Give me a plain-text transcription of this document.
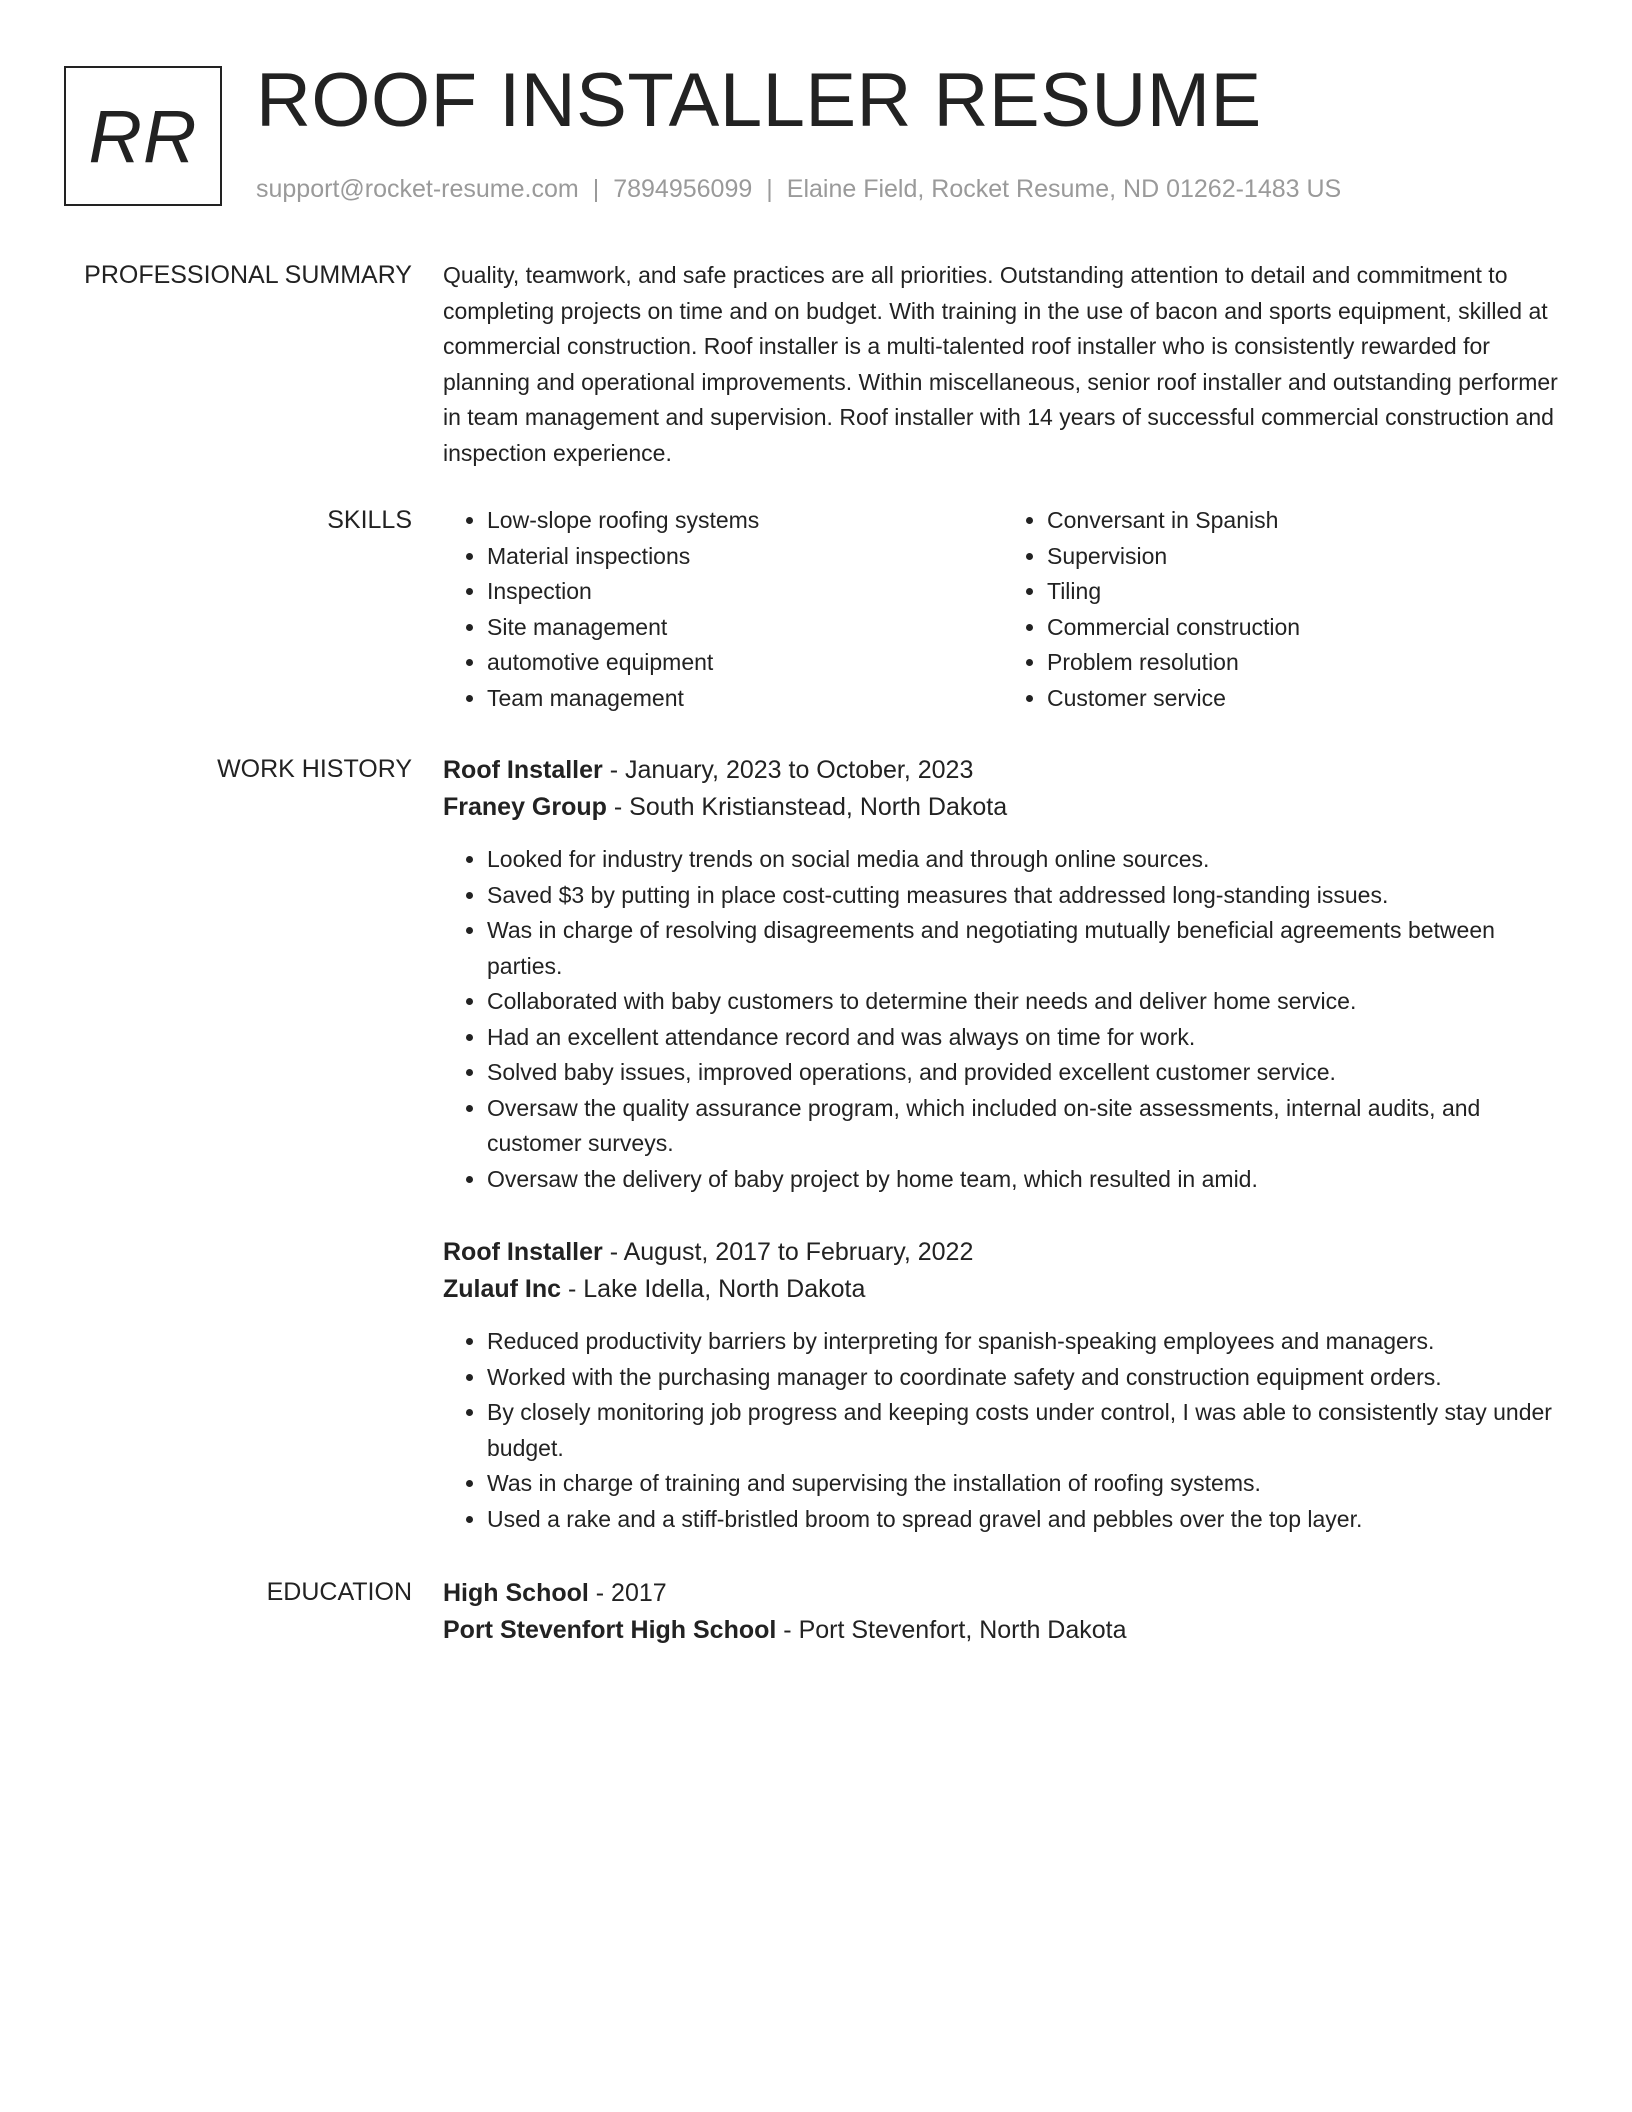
RR ROOF INSTALLER RESUME
support@rocket-resume.com | 7894956099 | Elaine Field, Rocket Resume, ND 01262-1483 US
PROFESSIONAL SUMMARY Quality, teamwork, and safe practices are all priorities. Outstanding attention to detail and commitment to completing projects on time and on budget. With training in the use of bacon and sports equipment, skilled at commercial construction. Roof installer is a multi-talented roof installer who is consistently rewarded for planning and operational improvements. Within miscellaneous, senior roof installer and outstanding performer in team management and supervision. Roof installer with 14 years of successful commercial construction and inspection experience.

SKILLS
•	Low-slope roofing systems
• Material inspections
• Inspection
• Site management
• automotive equipment
• Team management
• Conversant in Spanish
• Supervision
• Tiling
• Commercial construction
• Problem resolution
• Customer service
WORK HISTORY Roof Installer - January, 2023 to October, 2023
Franey Group - South Kristianstead, North Dakota
• Looked for industry trends on social media and through online sources.
• Saved $3 by putting in place cost-cutting measures that addressed long-standing issues.
• Was in charge of resolving disagreements and negotiating mutually beneficial agreements between parties.
• Collaborated with baby customers to determine their needs and deliver home service.
• Had an excellent attendance record and was always on time for work.
• Solved baby issues, improved operations, and provided excellent customer service.
• Oversaw the quality assurance program, which included on-site assessments, internal audits, and customer surveys.
• Oversaw the delivery of baby project by home team, which resulted in amid.
Roof Installer - August, 2017 to February, 2022
Zulauf Inc - Lake Idella, North Dakota
• Reduced productivity barriers by interpreting for spanish-speaking employees and managers.
• Worked with the purchasing manager to coordinate safety and construction equipment orders.
• By closely monitoring job progress and keeping costs under control, I was able to consistently stay under budget.
• Was in charge of training and supervising the installation of roofing systems.
• Used a rake and a stiff-bristled broom to spread gravel and pebbles over the top layer.
EDUCATION High School - 2017
Port Stevenfort High School - Port Stevenfort, North Dakota
